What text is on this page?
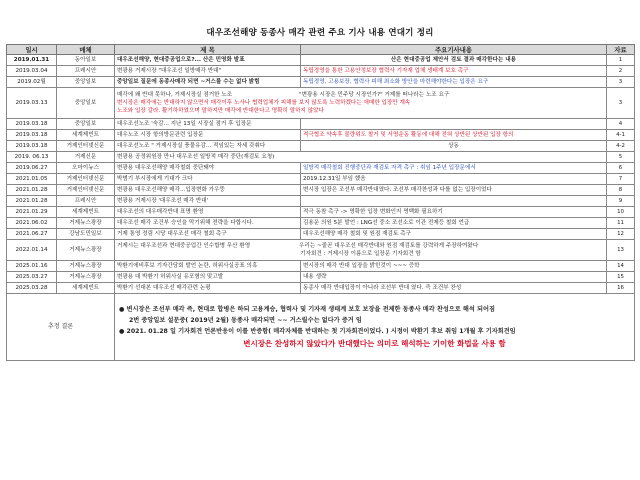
대우조선해양 동종사 매각 관련 주요 기사 내용 연대기 정리
일시	매체	제 목	주요기사내용	자료
2019.01.31	동아일보	대우조선해양, 현대중공업으로?... 산은 민영화 발표	산은 현대중공업 제안서 검토 결과 매각한다는 내용	1
2019.03.04	프레시안	변광용 거제시장 "대우조선 일방매각 반대"	독립경영을 통한 고용안정보장 협력사 기자재 업체 생태계 보호 촉구	2
2019.02월	중앙일보	중앙일보 질문에 동종사매각 되면 ~거스를 수는 없다 밝힘	독립경영, 고용보장, 협력사 피해 최소화 방안을 마련해야한다는 입장은 요구	3
2019.03.13	중앙일보	매각에 왜 반대 못하나, 거제시장실 점거한 노조 "변광용 시장은 민주당 시장인가?" 거제를 떠나라는 노조 요구
변시장은 매각에는 반대하지 않으면서 매각이후 노사나 협력업체가 피해를 보지 않도록 노력하겠다는 애매한 입장만 계속
노조와 입장 갈라. 활기하하였으며 말하지만 매각에 반대한다고 명확히 말하지 않았다		3
2019.03.18	중앙일보	대우조선노조 '숙감... 지난 13일 시장실 점거 후 입장문		4
2019.03.18	세계제빈트	대우노조 시장 항의방문관련 입장문	적극협조 약속후 물량위도 철거 및 서명운동 활동에 대해 전혀 상반된 상반된 입장 항의	4-1
2019.03.18	거제인터넷신문	대우조선노조 " 거제시장실 풍물유감... 적임있는 자세 갖춰다	상동	4-2
2019. 06.13	거제신문	변광용 공정위원장 만나 대우조선 일방적 매각 중단(재검토 요청)		5
2019.06.27	오마이뉴스	변광용 대우조선해양 매각철회 중단돼야	일방적 매각철회 진행중단과 재검토 자격 촉구 : 취임 1주년 입장문에서	6
2021.01.05	거제인터넷신문	박범기 부시장에게 기대가 크다	2019.12.31일 부임 했음	7
2021.01.28	거제인터넷신문	변광용 대우조선해양 매각...입장변화 가우뚱	변시장 입장은 조선부 매각반대였다. 조선부 매각찬성과 다를 없는 입장이었다	8
2021.01.28	프레시안	변광용 거제시장 '대우조선 매각 반대'		9
2021.01.29	세계제빈트	대우조선의 대우매각반대 표명 환영	적극 동참 촉구 -> 명확한 입장 변화인지 명백화 필요하기	10
2021.06.02	거제뉴스광장	대우조선 매각 조건부 승인을 막기위해 전략을 다합시다.	김용운 의원 5분 발언 : LNG선 중소 조선소로 이관 전제등 철회 언급	11
2021.06.27	강남도민일보	거제 통영 정림 시당 대우조선 매각 철회 촉구	대우조선해양 매각 철회 및 원점 재검토 촉구	12
2022.01.14	거제뉴스광장	거제시는 대우조선과 현대중공업간 인수합병 무산 환영 우리는 ~줄곧 대우조선 매각반대와 원점 재검토를 강력하게 주장하여왔다
기자회견 : 거제시장 이름으로 입장문 기자회견 함		13
2025.01.16	거제뉴스광장	박환기에비후보 기자간담회 발언 논란, 허위사실공표 의혹	변시장의 매각 반대 입장을 밝힌것이 ~~~ 증학	14
2025.03.27	거제뉴스광장	변광용 대 박환기 허위사실 유포혐의 맞고발	내용 생략	15
2025.03.28	세계제빈트	박환기 선대본 대우조선 매각관련 논평	동종사 매각 반대입장이 아니라 조선부 반대 였다. 즉 조건부 찬성	16
추정 결론		● 변시장은 조선부 매각 즉, 현대로 합병은 하되 고용계승, 협력사 및 기자재 생태계 보호 보장을 전제한 동종사 매각 찬성으로 해석 되어짐
2번 중앙일보 설문중( 2019년 2월) 동종사 매각되면 ~~ 거스릴수는 없다가 증거 임
● 2021. 01.28 일 기자회견 언론반응이 이를 반증함( 매각자체를 반대하는 첫 기자회견이었다. ) 시정이 박환기 후보 취임 1개월 후 기자회견임
변시장은 찬성하지 않았다가 반대했다는 의미로 해석하는 기이한 화법을 사용 함		
